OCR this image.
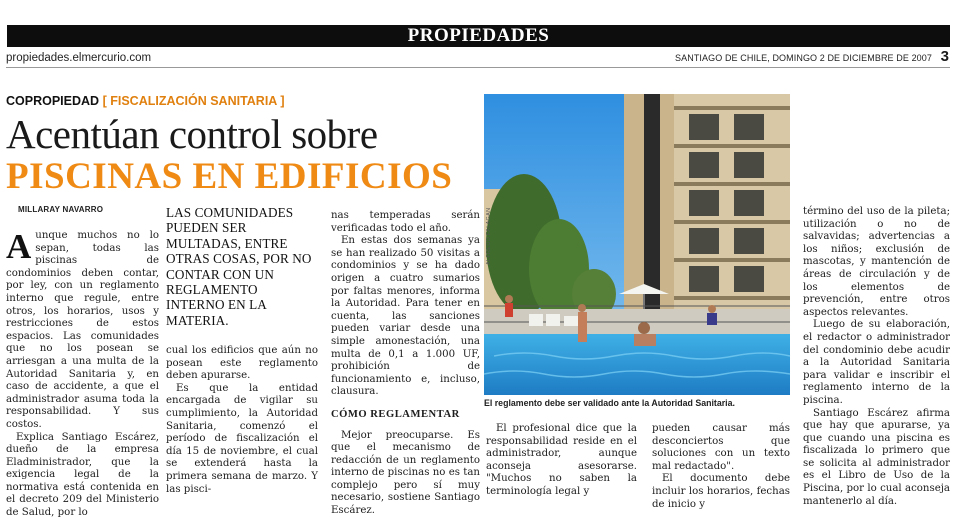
PROPIEDADES
propiedades.elmercurio.com	SANTIAGO DE CHILE, DOMINGO 2 DE DICIEMBRE DE 2007 3
COPROPIEDAD [ FISCALIZACIÓN SANITARIA ]
Acentúan control sobre
PISCINAS EN EDIFICIOS
MILLARAY NAVARRO

Aunque muchos no lo sepan, todas las piscinas de condominios deben contar, por ley, con un reglamento interno que regule, entre otros, los horarios, usos y restricciones de estos espacios. Las comunidades que no los posean se arriesgan a una multa de la Autoridad Sanitaria y, en caso de accidente, a que el administrador asuma toda la responsabilidad. Y sus costos.

Explica Santiago Escárez, dueño de la empresa Eladministrador, que la exigencia legal de la normativa está contenida en el decreto 209 del Ministerio de Salud, por lo

LAS COMUNIDADES PUEDEN SER MULTADAS, ENTRE OTRAS COSAS, POR NO CONTAR CON UN REGLAMENTO INTERNO EN LA MATERIA.

cual los edificios que aún no posean este reglamento deben apurarse.

Es que la entidad encargada de vigilar su cumplimiento, la Autoridad Sanitaria, comenzó el período de fiscalización el día 15 de noviembre, el cual se extenderá hasta la primera semana de marzo. Y las pisci-

nas temperadas serán verificadas todo el año.

En estas dos semanas ya se han realizado 50 visitas a condominios y se ha dado origen a cuatro sumarios por faltas menores, informa la Autoridad. Para tener en cuenta, las sanciones pueden variar desde una simple amonestación, una multa de 0,1 a 1.000 UF, prohibición de funcionamiento e, incluso, clausura.

CÓMO REGLAMENTAR

Mejor preocuparse. Es que el mecanismo de redacción de un reglamento interno de piscinas no es tan complejo pero sí muy necesario, sostiene Santiago Escárez.

ALFREDO FALAGAN
El reglamento debe ser validado ante la Autoridad Sanitaria.

El profesional dice que la responsabilidad reside en el administrador, aunque aconseja asesorarse. "Muchos no saben la terminología legal y

pueden causar más desconciertos que soluciones con un texto mal redactado".

El documento debe incluir los horarios, fechas de inicio y

término del uso de la pileta; utilización o no de salvavidas; advertencias a los niños; exclusión de mascotas, y mantención de áreas de circulación y de los elementos de prevención, entre otros aspectos relevantes.

Luego de su elaboración, el redactor o administrador del condominio debe acudir a la Autoridad Sanitaria para validar e inscribir el reglamento interno de la piscina.

Santiago Escárez afirma que hay que apurarse, ya que cuando una piscina es fiscalizada lo primero que se solicita al administrador es el Libro de Uso de la Piscina, por lo cual aconseja mantenerlo al día.
